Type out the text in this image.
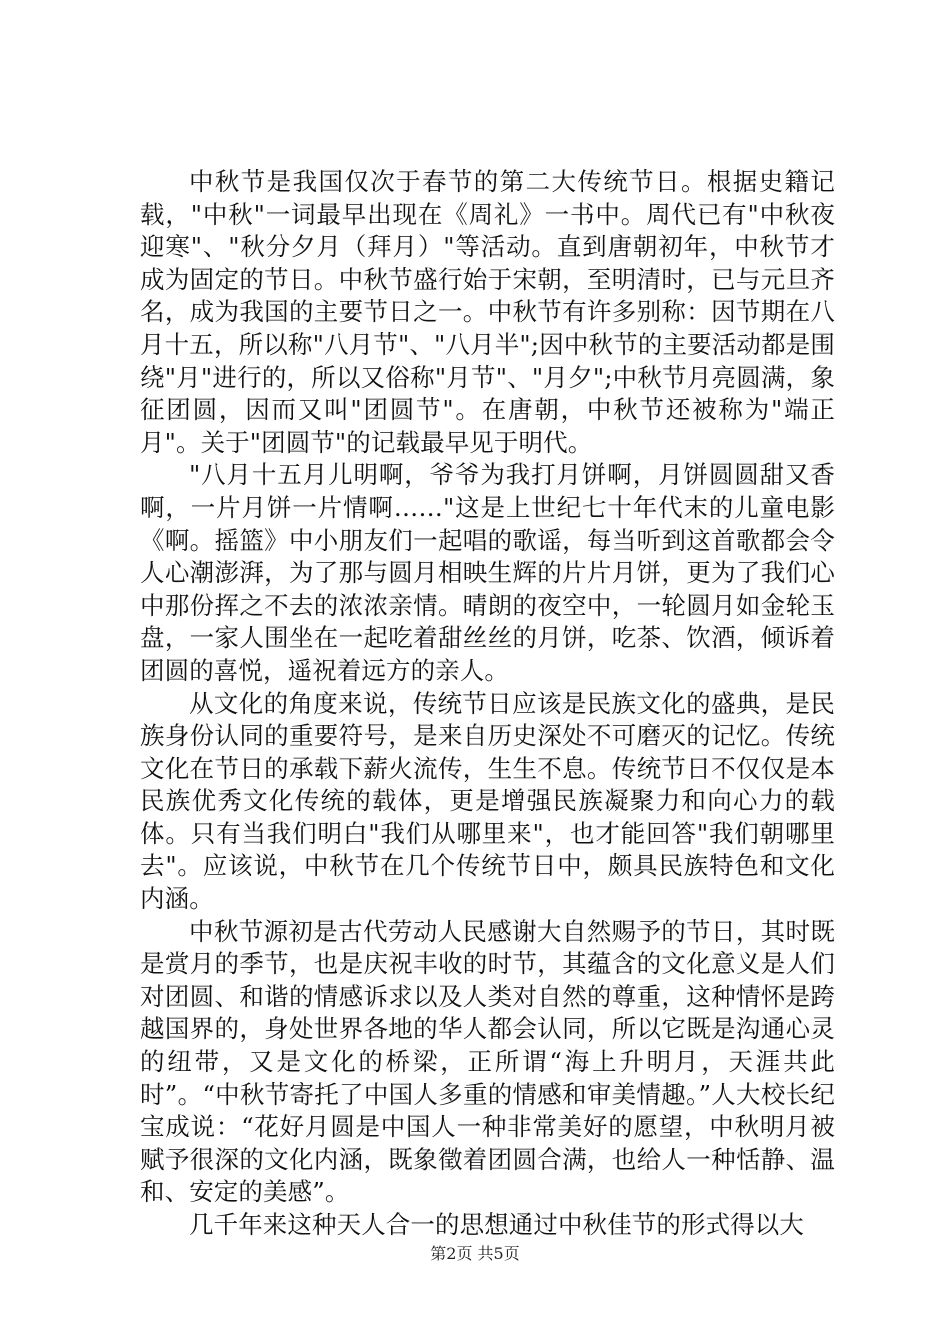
中秋节是我国仅次于春节的第二大传统节日。根据史籍记载，"中秋"一词最早出现在《周礼》一书中。周代已有"中秋夜迎寒"、"秋分夕月（拜月）"等活动。直到唐朝初年，中秋节才成为固定的节日。中秋节盛行始于宋朝，至明清时，已与元旦齐名，成为我国的主要节日之一。中秋节有许多别称：因节期在八月十五，所以称"八月节"、"八月半";因中秋节的主要活动都是围绕"月"进行的，所以又俗称"月节"、"月夕";中秋节月亮圆满，象征团圆，因而又叫"团圆节"。在唐朝，中秋节还被称为"端正月"。关于"团圆节"的记载最早见于明代。

"八月十五月儿明啊，爷爷为我打月饼啊，月饼圆圆甜又香啊，一片月饼一片情啊……"这是上世纪七十年代末的儿童电影《啊。摇篮》中小朋友们一起唱的歌谣，每当听到这首歌都会令人心潮澎湃，为了那与圆月相映生辉的片片月饼，更为了我们心中那份挥之不去的浓浓亲情。晴朗的夜空中，一轮圆月如金轮玉盘，一家人围坐在一起吃着甜丝丝的月饼，吃茶、饮酒，倾诉着团圆的喜悦，遥祝着远方的亲人。

从文化的角度来说，传统节日应该是民族文化的盛典，是民族身份认同的重要符号，是来自历史深处不可磨灭的记忆。传统文化在节日的承载下薪火流传，生生不息。传统节日不仅仅是本民族优秀文化传统的载体，更是增强民族凝聚力和向心力的载体。只有当我们明白"我们从哪里来"，也才能回答"我们朝哪里去"。应该说，中秋节在几个传统节日中，颇具民族特色和文化内涵。

中秋节源初是古代劳动人民感谢大自然赐予的节日，其时既是赏月的季节，也是庆祝丰收的时节，其蕴含的文化意义是人们对团圆、和谐的情感诉求以及人类对自然的尊重，这种情怀是跨越国界的，身处世界各地的华人都会认同，所以它既是沟通心灵的纽带，又是文化的桥梁，正所谓“海上升明月，天涯共此时”。“中秋节寄托了中国人多重的情感和审美情趣。”人大校长纪宝成说：“花好月圆是中国人一种非常美好的愿望，中秋明月被赋予很深的文化内涵，既象徵着团圆合满，也给人一种恬静、温和、安定的美感”。

几千年来这种天人合一的思想通过中秋佳节的形式得以大

第2页 共5页
